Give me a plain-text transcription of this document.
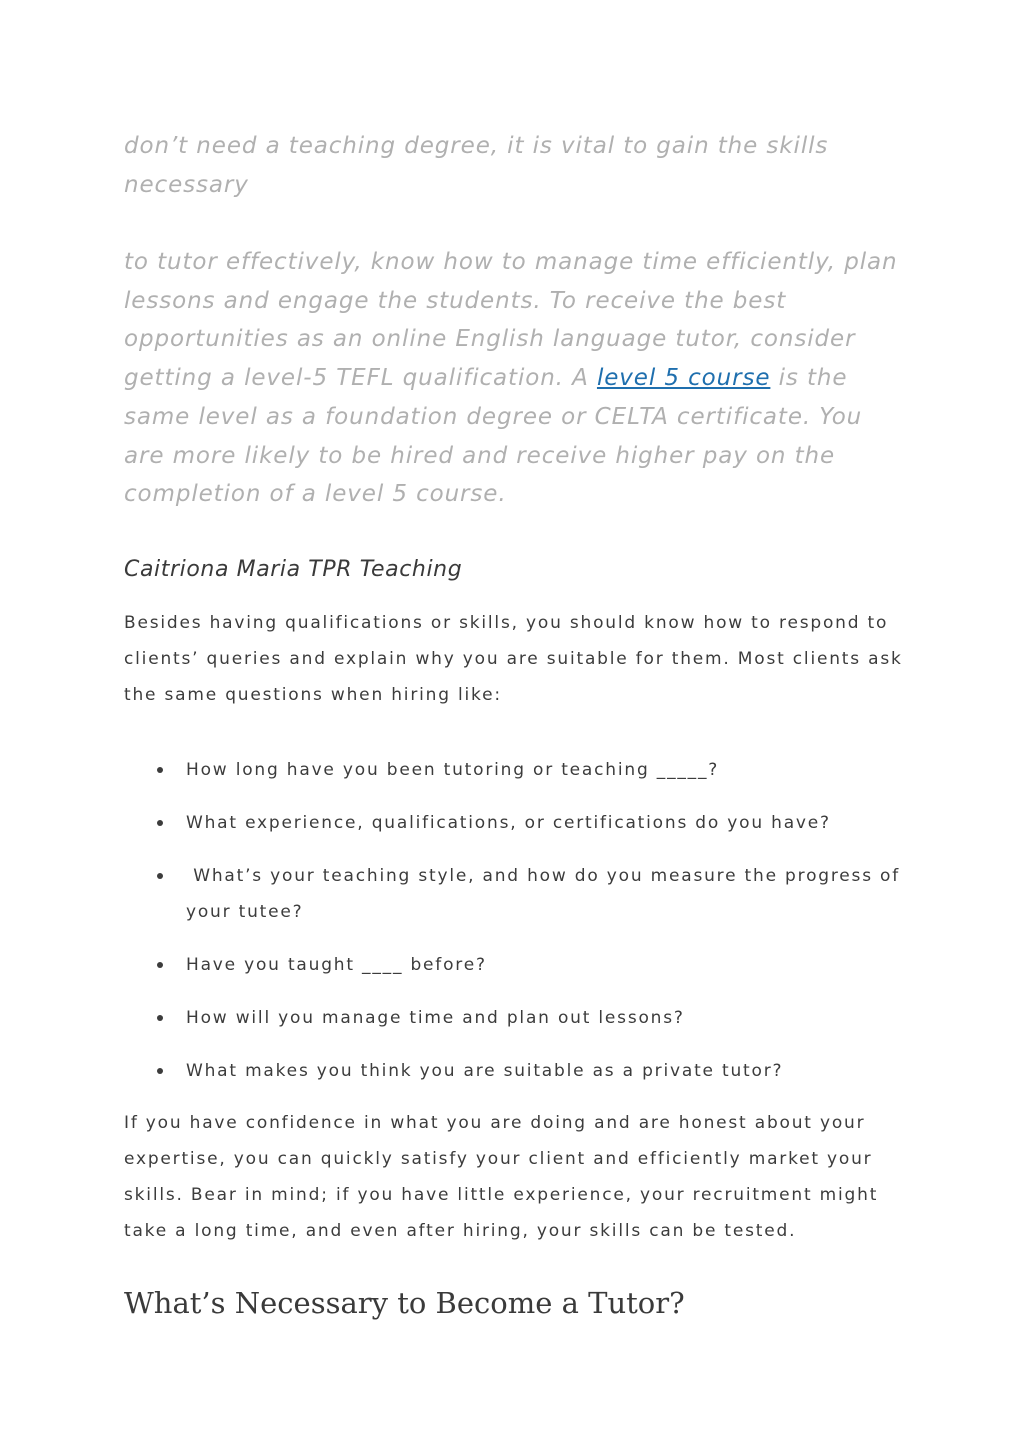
don’t need a teaching degree, it is vital to gain the skills necessary

to tutor effectively, know how to manage time efficiently, plan lessons and engage the students. To receive the best opportunities as an online English language tutor, consider getting a level-5 TEFL qualification. A level 5 course is the same level as a foundation degree or CELTA certificate. You are more likely to be hired and receive higher pay on the completion of a level 5 course.

Caitriona Maria TPR Teaching

Besides having qualifications or skills, you should know how to respond to clients’ queries and explain why you are suitable for them. Most clients ask the same questions when hiring like:

How long have you been tutoring or teaching _____?
What experience, qualifications, or certifications do you have?
What’s your teaching style, and how do you measure the progress of your tutee?
Have you taught ____ before?
How will you manage time and plan out lessons?
What makes you think you are suitable as a private tutor?

If you have confidence in what you are doing and are honest about your expertise, you can quickly satisfy your client and efficiently market your skills. Bear in mind; if you have little experience, your recruitment might take a long time, and even after hiring, your skills can be tested.

What’s Necessary to Become a Tutor?
